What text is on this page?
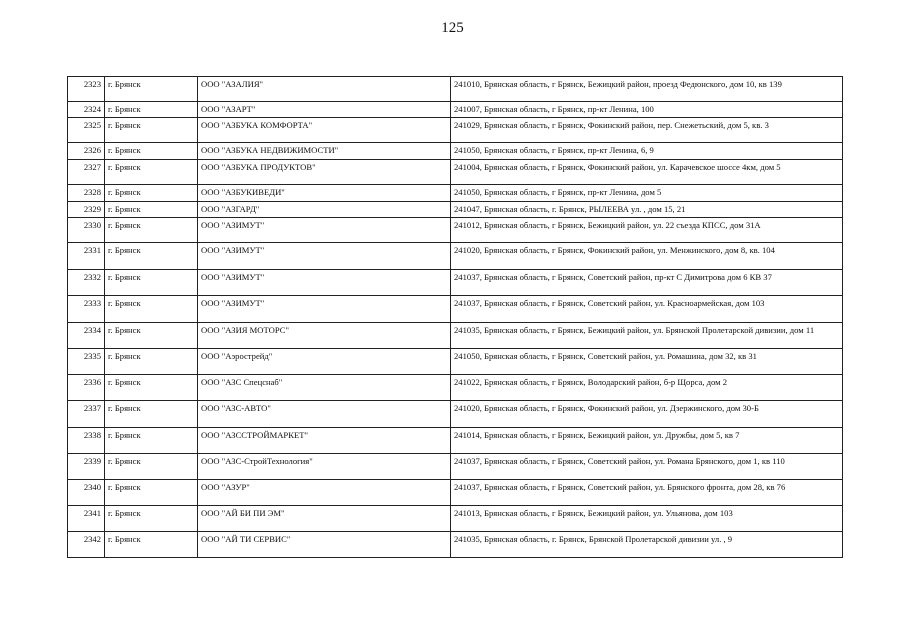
125
2323	г. Брянск	ООО "АЗАЛИЯ"	241010, Брянская область, г Брянск, Бежицкий район, проезд Федюнского, дом 10, кв 139
2324	г. Брянск	ООО "АЗАРТ"	241007, Брянская область, г Брянск, пр-кт Ленина, 100
2325	г. Брянск	ООО "АЗБУКА КОМФОРТА"	241029, Брянская область, г Брянск, Фокинский район, пер. Снежетьский, дом 5, кв. 3
2326	г. Брянск	ООО "АЗБУКА НЕДВИЖИМОСТИ"	241050, Брянская область, г Брянск, пр-кт Ленина, 6, 9
2327	г. Брянск	ООО "АЗБУКА ПРОДУКТОВ"	241004, Брянская область, г Брянск, Фокинский район, ул. Карачевское шоссе 4км, дом 5
2328	г. Брянск	ООО "АЗБУКИВЕДИ"	241050, Брянская область, г Брянск, пр-кт Ленина, дом 5
2329	г. Брянск	ООО "АЗГАРД"	241047, Брянская область, г. Брянск, РЫЛЕЕВА ул. , дом 15, 21
2330	г. Брянск	ООО "АЗИМУТ"	241012, Брянская область, г Брянск, Бежицкий район, ул. 22 съезда КПСС, дом 31А
2331	г. Брянск	ООО "АЗИМУТ"	241020, Брянская область, г Брянск, Фокинский район, ул. Менжинского, дом 8, кв. 104
2332	г. Брянск	ООО "АЗИМУТ"	241037, Брянская область, г Брянск, Советский район, пр-кт С Димитрова дом 6 КВ 37
2333	г. Брянск	ООО "АЗИМУТ"	241037, Брянская область, г Брянск, Советский район, ул. Красноармейская, дом 103
2334	г. Брянск	ООО "АЗИЯ МОТОРС"	241035, Брянская область, г Брянск, Бежицкий район, ул. Брянской Пролетарской дивизии, дом 11
2335	г. Брянск	ООО "Аэрострейд"	241050, Брянская область, г Брянск, Советский район, ул. Ромашина, дом 32, кв 31
2336	г. Брянск	ООО "АЗС Спецснаб"	241022, Брянская область, г Брянск, Володарский район, б-р Щорса, дом 2
2337	г. Брянск	ООО "АЗС-АВТО"	241020, Брянская область, г Брянск, Фокинский район, ул. Дзержинского, дом 30-Б
2338	г. Брянск	ООО "АЗССТРОЙМАРКЕТ"	241014, Брянская область, г Брянск, Бежицкий район, ул. Дружбы, дом 5, кв 7
2339	г. Брянск	ООО "АЗС-СтройТехнология"	241037, Брянская область, г Брянск, Советский район, ул. Романа Брянского, дом 1, кв 110
2340	г. Брянск	ООО "АЗУР"	241037, Брянская область, г Брянск, Советский район, ул. Брянского фронта, дом 28, кв 76
2341	г. Брянск	ООО "АЙ БИ ПИ ЭМ"	241013, Брянская область, г Брянск, Бежицкий район, ул. Ульянова, дом 103
2342	г. Брянск	ООО "АЙ ТИ СЕРВИС"	241035, Брянская область, г. Брянск, Брянской Пролетарской дивизии ул. , 9
